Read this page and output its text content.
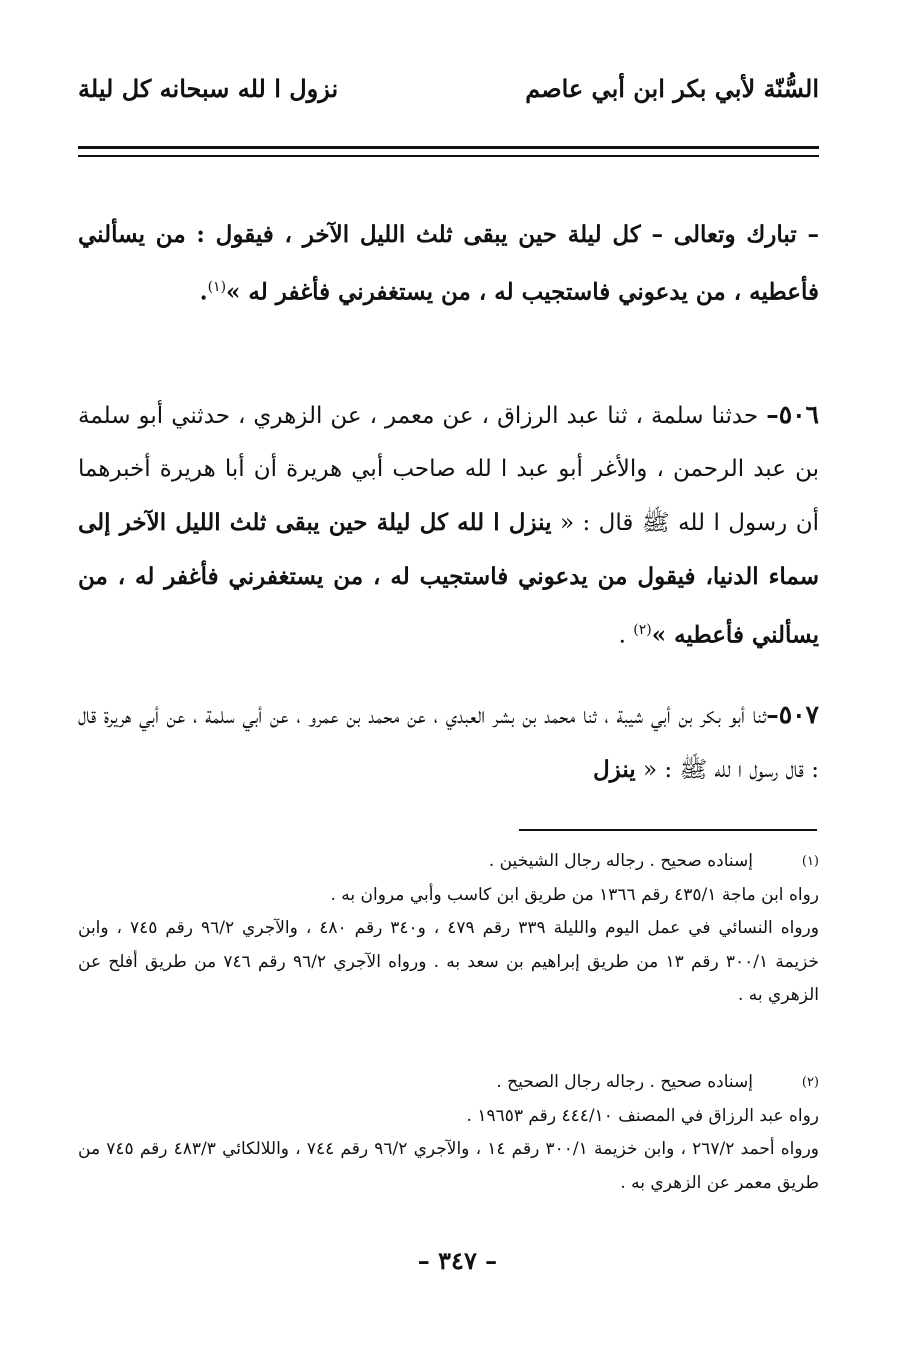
السُّنّة لأبي بكر ابن أبي عاصم
نزول ا لله سبحانه كل ليلة
– تبارك وتعالى – كل ليلة حين يبقى ثلث الليل الآخر ، فيقول : من يسألني فأعطيه ، من يدعوني فاستجيب له ، من يستغفرني فأغفر له »$^{(١)}$.
٥٠٦– حدثنا سلمة ، ثنا عبد الرزاق ، عن معمر ، عن الزهري ، حدثني أبو سلمة بن عبد الرحمن ، والأغر أبو عبد ا لله صاحب أبي هريرة أن أبا هريرة أخبرهما أن رسول ا لله ﷺ قال : « ينزل ا لله كل ليلة حين يبقى ثلث الليل الآخر إلى سماء الدنيا، فيقول من يدعوني فاستجيب له ، من يستغفرني فأغفر له ، من يسألني فأعطيه »$^{(٢)}$ .
٥٠٧–ثنا أبو بكر بن أبي شيبة ، ثنا محمد بن بشر العبدي ، عن محمد بن عمرو ، عن أبي سلمة ، عن أبي هريرة قال : قال رسول ا لله ﷺ : « ينزل
(١)
إسناده صحيح . رجاله رجال الشيخين .
رواه ابن ماجة ٤٣٥/١ رقم ١٣٦٦ من طريق ابن كاسب وأبي مروان به .
ورواه النسائي في عمل اليوم والليلة ٣٣٩ رقم ٤٧٩ ، و٣٤٠ رقم ٤٨٠ ، والآجري ٩٦/٢ رقم ٧٤٥ ، وابن خزيمة ٣٠٠/١ رقم ١٣ من طريق إبراهيم بن سعد به . ورواه الآجري ٩٦/٢ رقم ٧٤٦ من طريق أفلح عن الزهري به .
(٢)
إسناده صحيح . رجاله رجال الصحيح .
رواه عبد الرزاق في المصنف ٤٤٤/١٠ رقم ١٩٦٥٣ .
ورواه أحمد ٢٦٧/٢ ، وابن خزيمة ٣٠٠/١ رقم ١٤ ، والآجري ٩٦/٢ رقم ٧٤٤ ، واللالكائي ٤٨٣/٣ رقم ٧٤٥ من طريق معمر عن الزهري به .
– ٣٤٧ –
